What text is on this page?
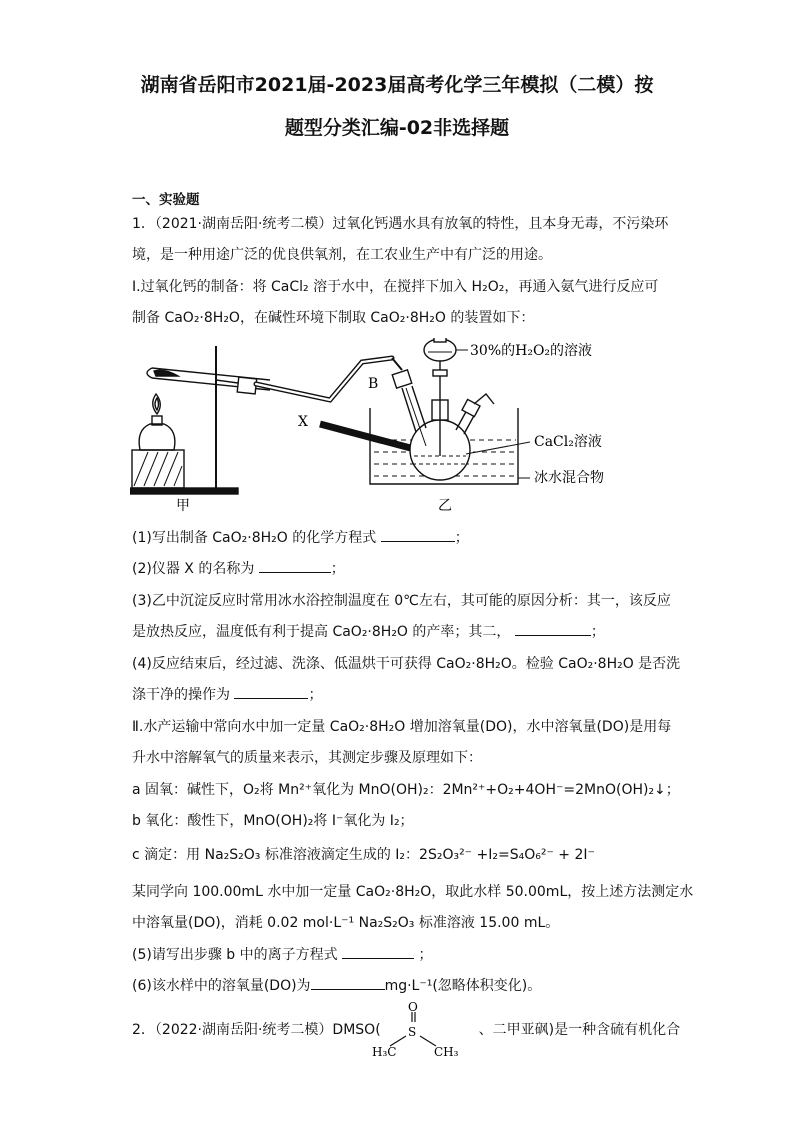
湖南省岳阳市2021届-2023届高考化学三年模拟（二模）按
题型分类汇编-02非选择题
一、实验题
1．（2021·湖南岳阳·统考二模）过氧化钙遇水具有放氧的特性，且本身无毒，不污染环
境，是一种用途广泛的优良供氧剂，在工农业生产中有广泛的用途。
Ⅰ.过氧化钙的制备：将 CaCl₂ 溶于水中，在搅拌下加入 H₂O₂，再通入氨气进行反应可
制备 CaO₂·8H₂O，在碱性环境下制取 CaO₂·8H₂O 的装置如下：
30%的H₂O₂的溶液
B
X
CaCl₂溶液
冰水混合物
甲	乙
(1)写出制备 CaO₂·8H₂O 的化学方程式	；
(2)仪器 X 的名称为	；
(3)乙中沉淀反应时常用冰水浴控制温度在 0℃左右，其可能的原因分析：其一，该反应
是放热反应，温度低有利于提高 CaO₂·8H₂O 的产率；其二，	；
(4)反应结束后，经过滤、洗涤、低温烘干可获得 CaO₂·8H₂O。检验 CaO₂·8H₂O 是否洗
涤干净的操作为	；
Ⅱ.水产运输中常向水中加一定量 CaO₂·8H₂O 增加溶氧量(DO)，水中溶氧量(DO)是用每
升水中溶解氧气的质量来表示，其测定步骤及原理如下：
a 固氧：碱性下，O₂将 Mn²⁺氧化为 MnO(OH)₂：2Mn²⁺+O₂+4OH⁻=2MnO(OH)₂↓；
b 氧化：酸性下，MnO(OH)₂将 I⁻氧化为 I₂；
c 滴定：用 Na₂S₂O₃ 标准溶液滴定生成的 I₂：2S₂O₃²⁻ +I₂=S₄O₆²⁻ + 2I⁻
某同学向 100.00mL 水中加一定量 CaO₂·8H₂O，取此水样 50.00mL，按上述方法测定水
中溶氧量(DO)，消耗 0.02 mol·L⁻¹ Na₂S₂O₃ 标准溶液 15.00 mL。
(5)请写出步骤 b 中的离子方程式	；
(6)该水样中的溶氧量(DO)为	mg·L⁻¹(忽略体积变化)。
2．（2022·湖南岳阳·统考二模）DMSO(	、二甲亚砜)是一种含硫有机化合
O
S
H₃C	CH₃
